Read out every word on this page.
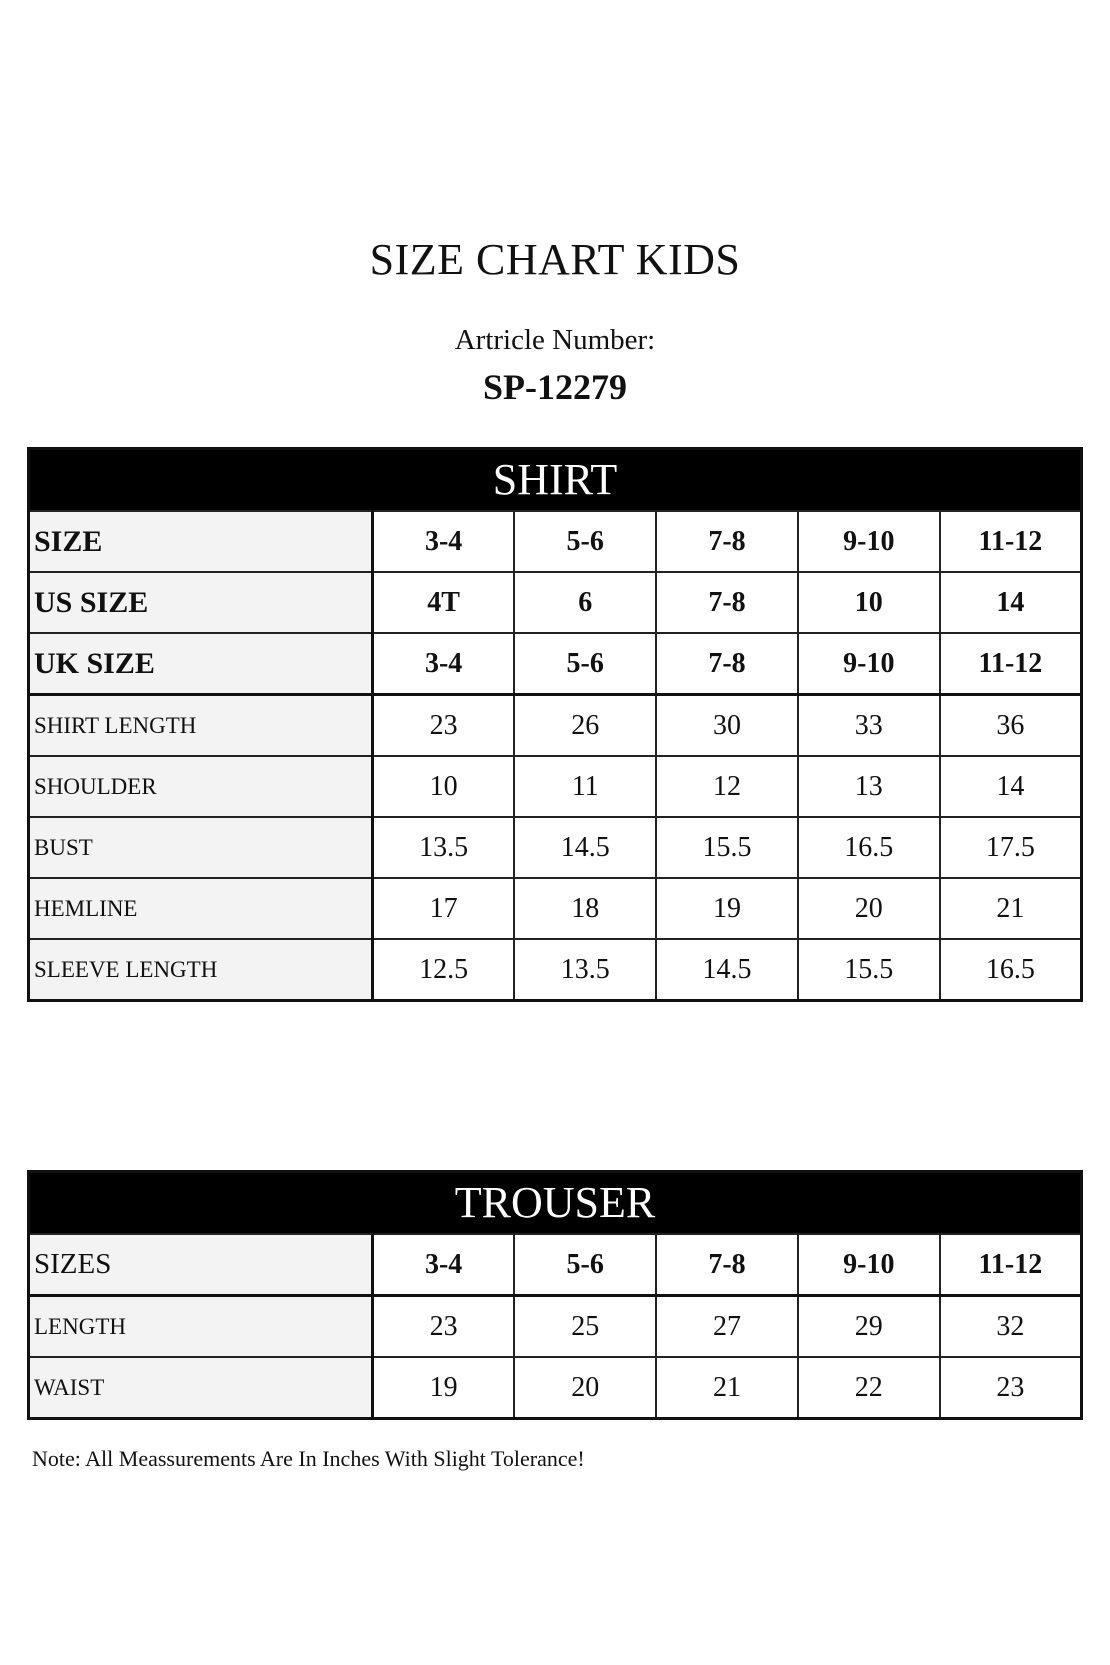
SIZE CHART KIDS
Artricle Number:
SP-12279
SHIRT					
SIZE	3-4	5-6	7-8	9-10	11-12
US SIZE	4T	6	7-8	10	14
UK SIZE	3-4	5-6	7-8	9-10	11-12
SHIRT LENGTH	23	26	30	33	36
SHOULDER	10	11	12	13	14
BUST	13.5	14.5	15.5	16.5	17.5
HEMLINE	17	18	19	20	21
SLEEVE LENGTH	12.5	13.5	14.5	15.5	16.5
TROUSER					
SIZES	3-4	5-6	7-8	9-10	11-12
LENGTH	23	25	27	29	32
WAIST	19	20	21	22	23
Note: All Meassurements Are In Inches With Slight Tolerance!
